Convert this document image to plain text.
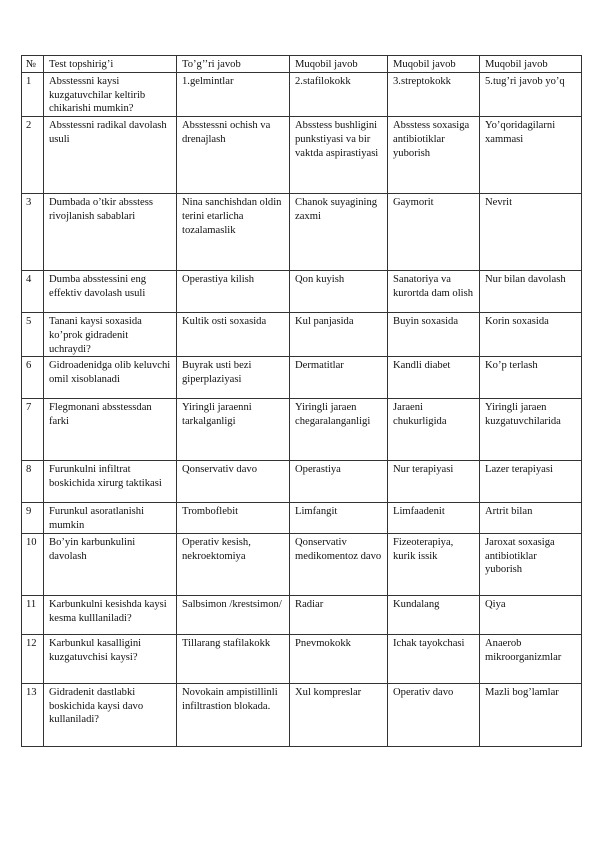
№	Test topshirig’i	To’g’’ri javob	Muqobil javob	Muqobil javob	Muqobil javob
1	Absstessni kaysi kuzgatuvchilar keltirib chikarishi mumkin?	1.gelmintlar	2.stafilokokk	3.streptokokk	5.tug’ri javob yo’q
2	Absstessni radikal davolash usuli	Absstessni ochish va drenajlash	Absstess bushligini punkstiyasi va bir vaktda aspirastiyasi	Absstess soxasiga antibiotiklar yuborish	Yo’qoridagilarni xammasi
3	Dumbada o’tkir absstess rivojlanish sabablari	Nina sanchishdan oldin terini etarlicha tozalamaslik	Chanok suyagining zaxmi	Gaymorit	Nevrit
4	Dumba absstessini eng effektiv davolash usuli	Operastiya kilish	Qon kuyish	Sanatoriya va kurortda dam olish	Nur bilan davolash
5	Tanani kaysi soxasida ko’prok gidradenit uchraydi?	Kultik osti soxasida	Kul panjasida	Buyin soxasida	Korin soxasida
6	Gidroadenidga olib keluvchi omil xisoblanadi	Buyrak usti bezi giperplaziyasi	Dermatitlar	Kandli diabet	Ko’p terlash
7	Flegmonani absstessdan farki	Yiringli jaraenni tarkalganligi	Yiringli jaraen chegaralanganligi	Jaraeni chukurligida	Yiringli jaraen kuzgatuvchilarida
8	Furunkulni infiltrat boskichida xirurg taktikasi	Qonservativ davo	Operastiya	Nur terapiyasi	Lazer terapiyasi
9	Furunkul asoratlanishi mumkin	Tromboflebit	Limfangit	Limfaadenit	Artrit bilan
10	Bo’yin karbunkulini davolash	Operativ kesish, nekroektomiya	Qonservativ medikomentoz davo	Fizeoterapiya, kurik issik	Jaroxat soxasiga antibiotiklar yuborish
11	Karbunkulni kesishda kaysi kesma kulllaniladi?	Salbsimon /krestsimon/	Radiar	Kundalang	Qiya
12	Karbunkul kasalligini kuzgatuvchisi kaysi?	Tillarang stafilakokk	Pnevmokokk	Ichak tayokchasi	Anaerob mikroorganizmlar
13	Gidradenit dastlabki boskichida kaysi davo kullaniladi?	Novokain ampistillinli infiltrastion blokada.	Xul kompreslar	Operativ davo	Mazli bog’lamlar
